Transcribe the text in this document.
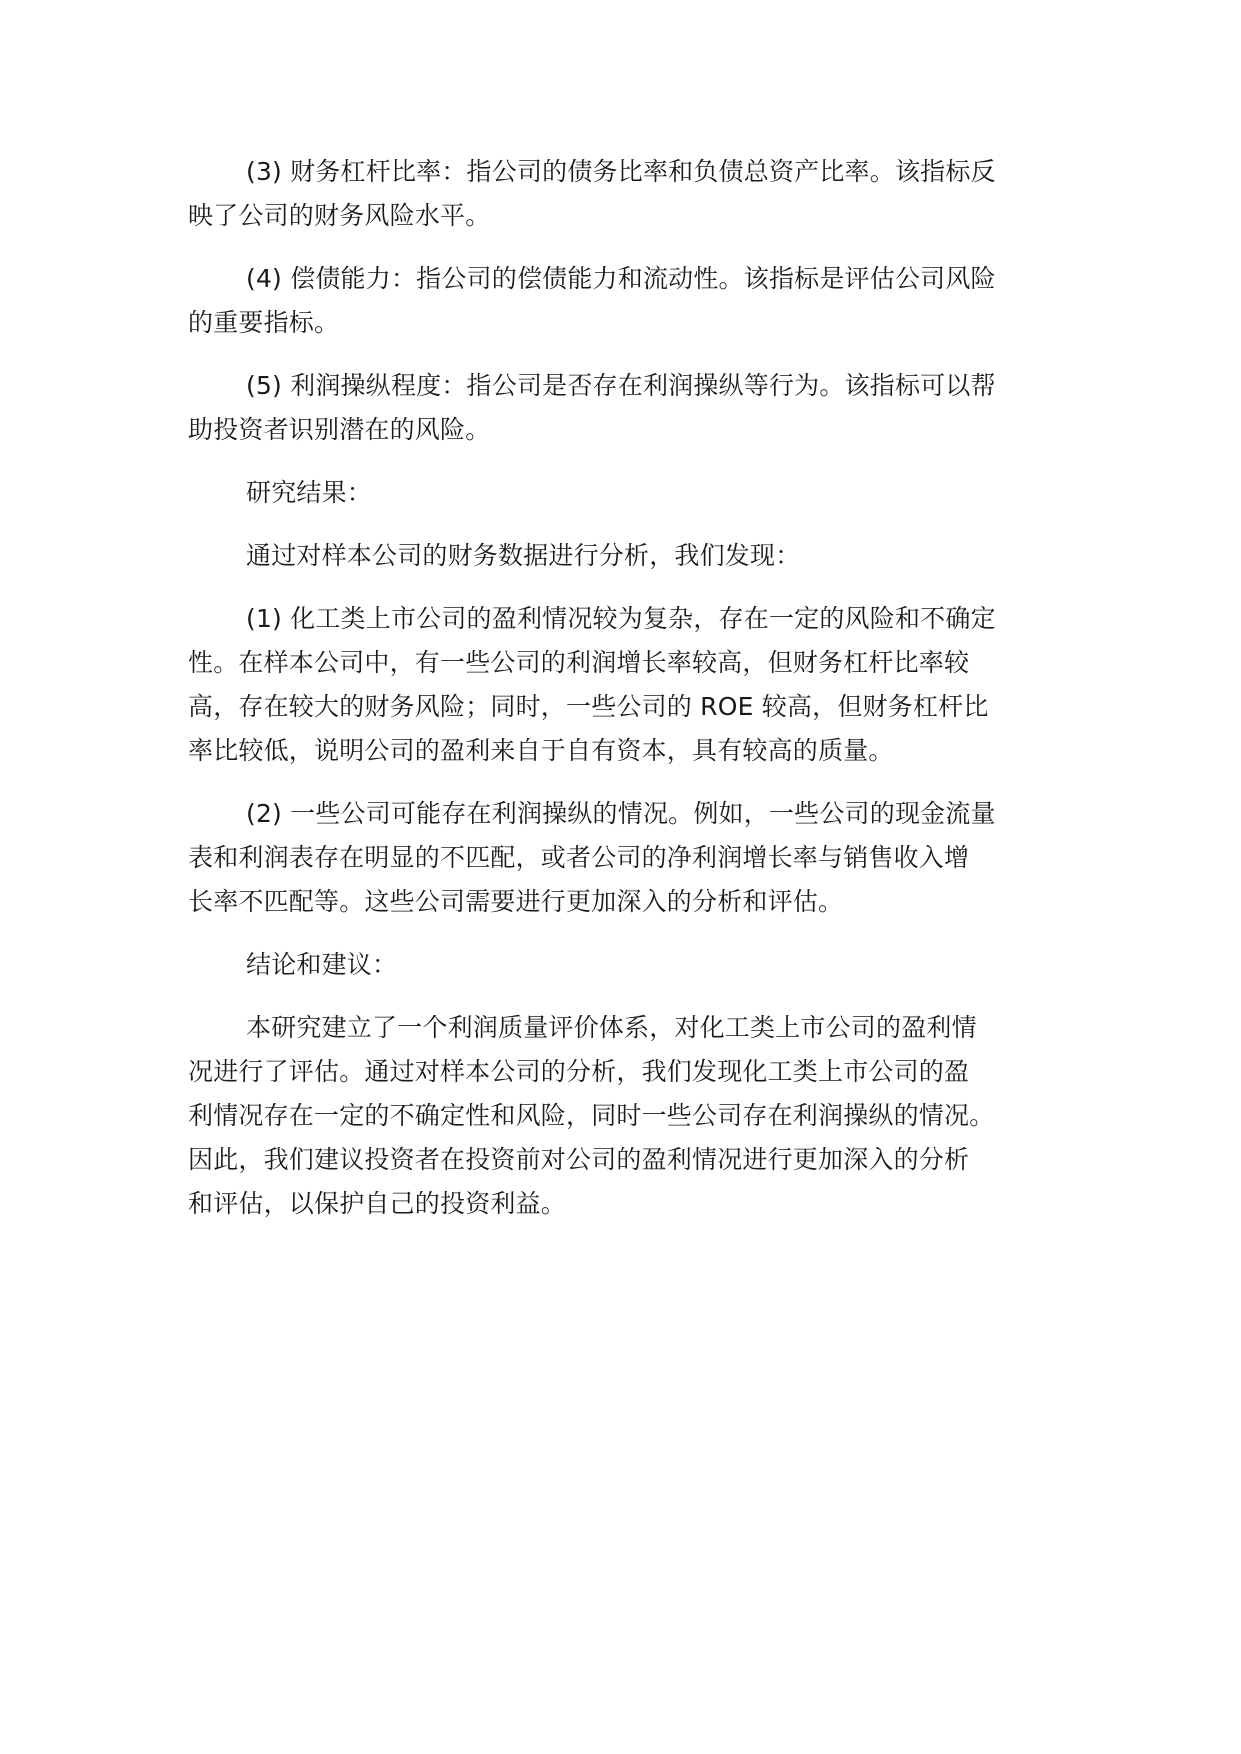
(3) 财务杠杆比率：指公司的债务比率和负债总资产比率。该指标反
映了公司的财务风险水平。

(4) 偿债能力：指公司的偿债能力和流动性。该指标是评估公司风险
的重要指标。

(5) 利润操纵程度：指公司是否存在利润操纵等行为。该指标可以帮
助投资者识别潜在的风险。

研究结果：

通过对样本公司的财务数据进行分析，我们发现：

(1) 化工类上市公司的盈利情况较为复杂，存在一定的风险和不确定
性。在样本公司中，有一些公司的利润增长率较高，但财务杠杆比率较
高，存在较大的财务风险；同时，一些公司的 ROE 较高，但财务杠杆比
率比较低，说明公司的盈利来自于自有资本，具有较高的质量。

(2) 一些公司可能存在利润操纵的情况。例如，一些公司的现金流量
表和利润表存在明显的不匹配，或者公司的净利润增长率与销售收入增
长率不匹配等。这些公司需要进行更加深入的分析和评估。

结论和建议：

本研究建立了一个利润质量评价体系，对化工类上市公司的盈利情
况进行了评估。通过对样本公司的分析，我们发现化工类上市公司的盈
利情况存在一定的不确定性和风险，同时一些公司存在利润操纵的情况。
因此，我们建议投资者在投资前对公司的盈利情况进行更加深入的分析
和评估，以保护自己的投资利益。
